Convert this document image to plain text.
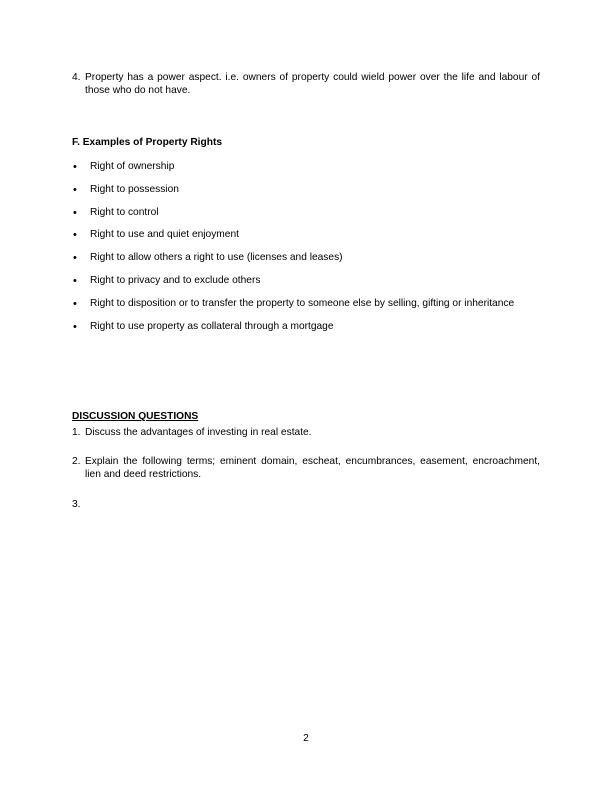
4. Property has a power aspect. i.e. owners of property could wield power over the life and labour of those who do not have.
F. Examples of Property Rights
• Right of ownership
• Right to possession
• Right to control
• Right to use and quiet enjoyment
• Right to allow others a right to use (licenses and leases)
• Right to privacy and to exclude others
• Right to disposition or to transfer the property to someone else by selling, gifting or inheritance
• Right to use property as collateral through a mortgage
DISCUSSION QUESTIONS
1. Discuss the advantages of investing in real estate.
2. Explain the following terms; eminent domain, escheat, encumbrances, easement, encroachment, lien and deed restrictions.
3.
2
